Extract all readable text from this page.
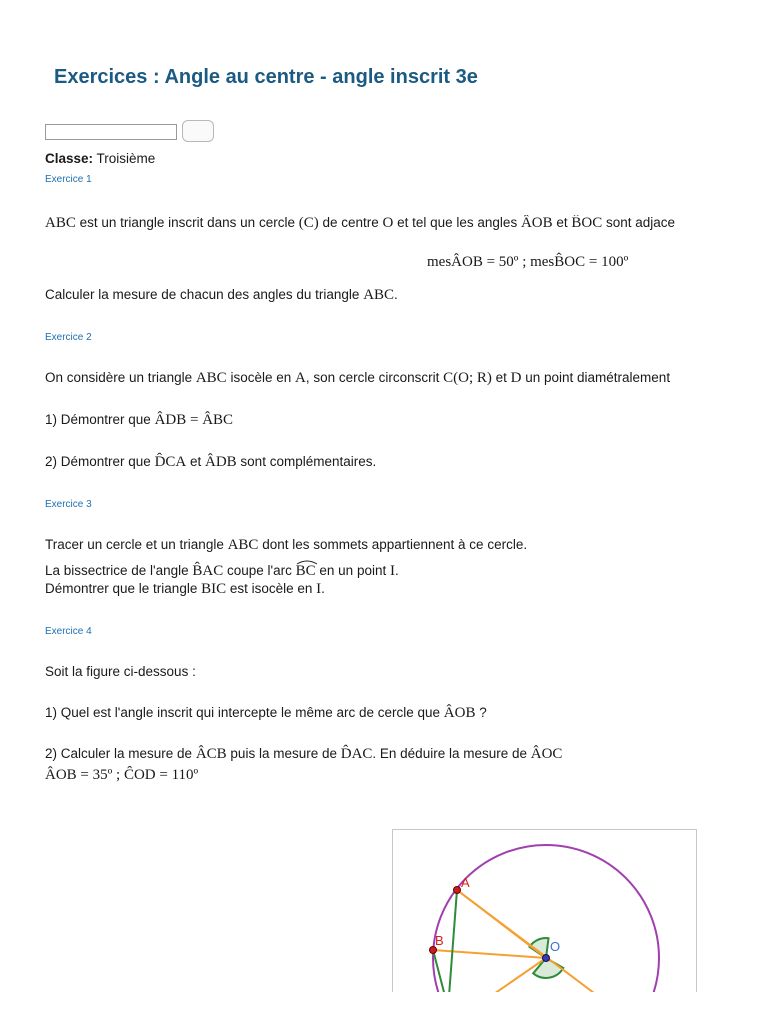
Exercices : Angle au centre - angle inscrit 3e
Classe: Troisième
Exercice 1
ABC est un triangle inscrit dans un cercle (C) de centre O et tel que les angles ÂOB et B̂OC sont adjace
mesÂOB = 50º ; mesB̂OC = 100º
Calculer la mesure de chacun des angles du triangle ABC.
Exercice 2
On considère un triangle ABC isocèle en A, son cercle circonscrit C(O; R) et D un point diamétralement
1) Démontrer que ÂDB = ÂBC
2) Démontrer que D̂CA et ÂDB sont complémentaires.
Exercice 3
Tracer un cercle et un triangle ABC dont les sommets appartiennent à ce cercle.
La bissectrice de l'angle B̂AC coupe l'arc
BC en un point I.
Démontrer que le triangle BIC est isocèle en I.
Exercice 4
Soit la figure ci-dessous :
1) Quel est l'angle inscrit qui intercepte le même arc de cercle que ÂOB ?
2) Calculer la mesure de ÂCB puis la mesure de D̂AC. En déduire la mesure de ÂOC
ÂOB = 35º ; ĈOD = 110º
A
B	O
